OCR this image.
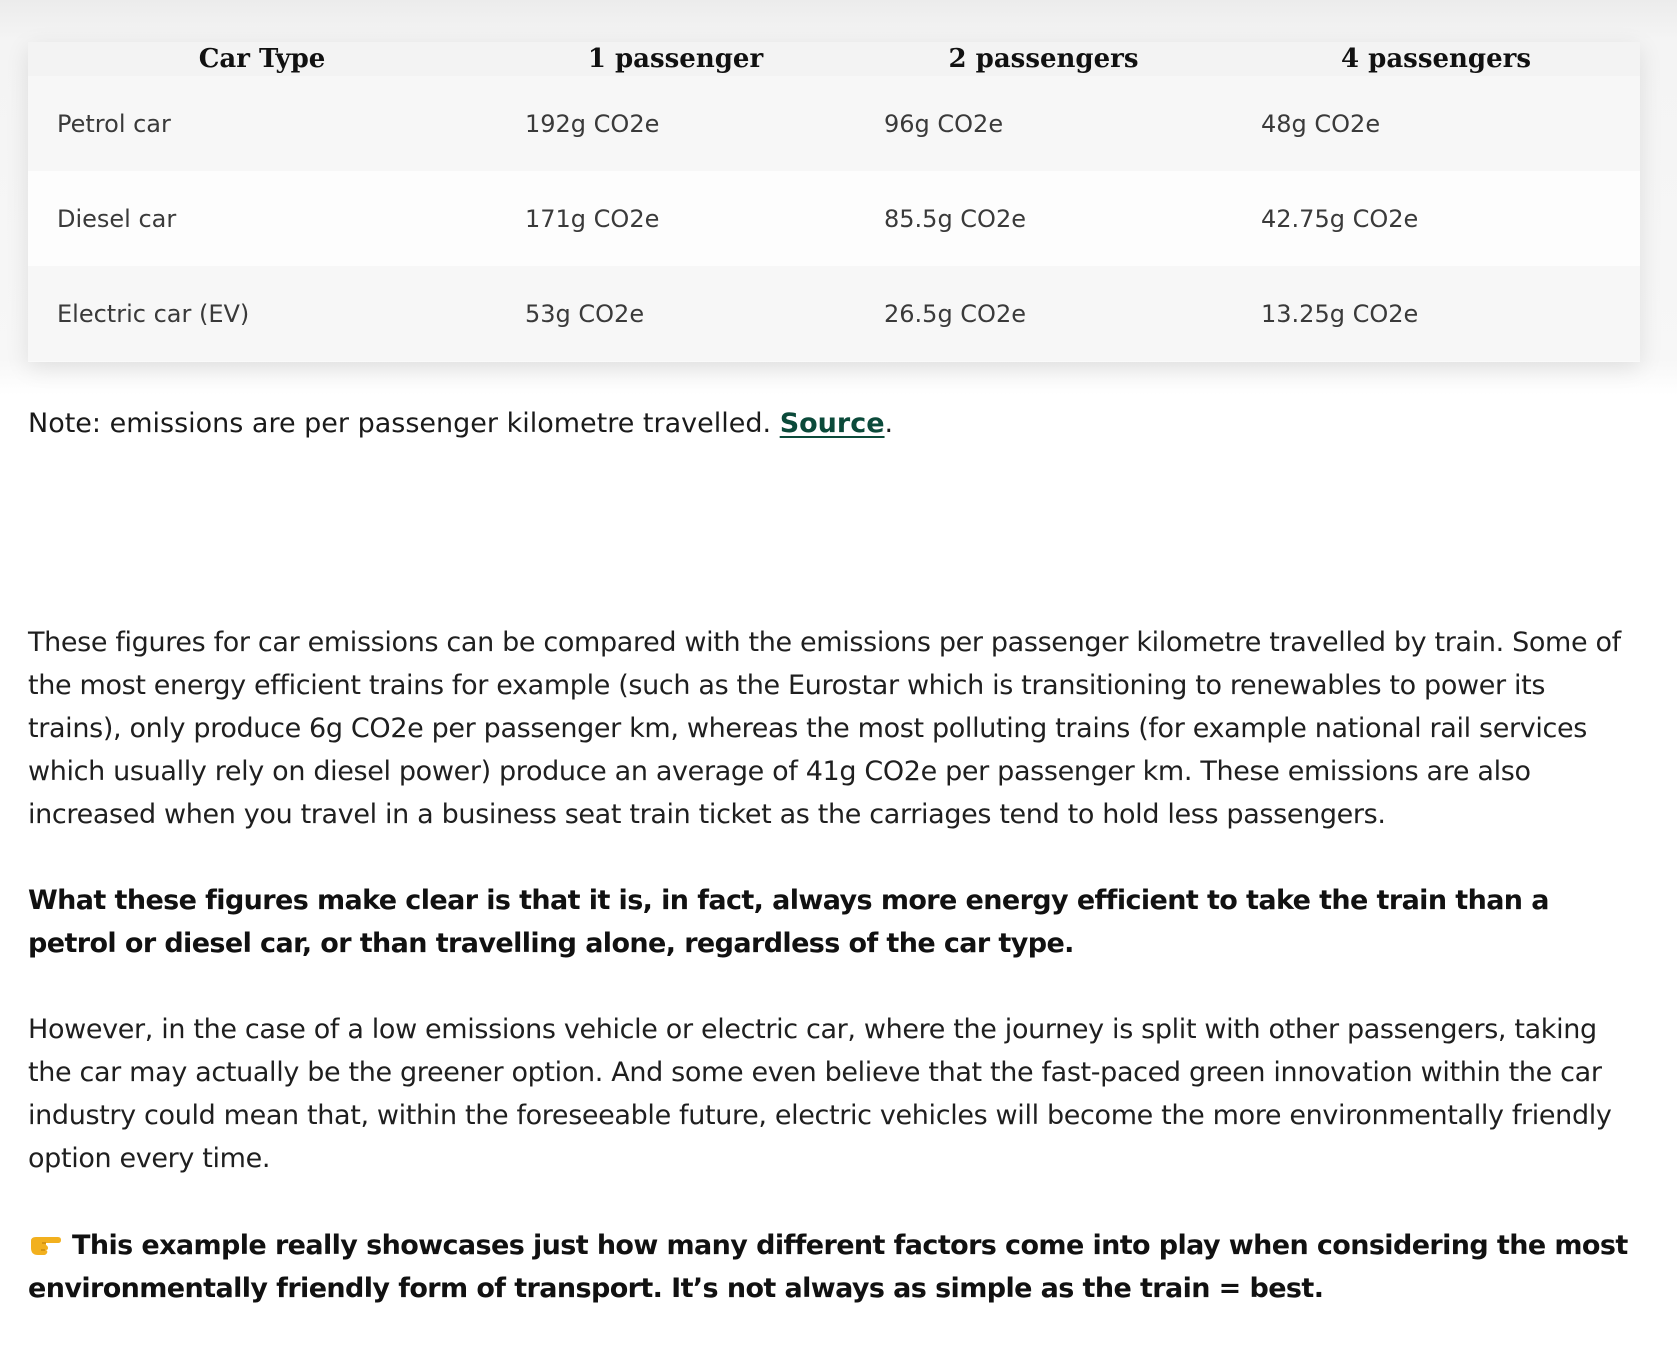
Car Type	1 passenger	2 passengers	4 passengers
Petrol car	192g CO2e	96g CO2e	48g CO2e
Diesel car	171g CO2e	85.5g CO2e	42.75g CO2e
Electric car (EV)	53g CO2e	26.5g CO2e	13.25g CO2e

Note: emissions are per passenger kilometre travelled. Source.

These figures for car emissions can be compared with the emissions per passenger kilometre travelled by train. Some of the most energy efficient trains for example (such as the Eurostar which is transitioning to renewables to power its trains), only produce 6g CO2e per passenger km, whereas the most polluting trains (for example national rail services which usually rely on diesel power) produce an average of 41g CO2e per passenger km. These emissions are also increased when you travel in a business seat train ticket as the carriages tend to hold less passengers.

What these figures make clear is that it is, in fact, always more energy efficient to take the train than a petrol or diesel car, or than travelling alone, regardless of the car type.

However, in the case of a low emissions vehicle or electric car, where the journey is split with other passengers, taking the car may actually be the greener option. And some even believe that the fast-paced green innovation within the car industry could mean that, within the foreseeable future, electric vehicles will become the more environmentally friendly option every time.

This example really showcases just how many different factors come into play when considering the most environmentally friendly form of transport. It’s not always as simple as the train = best.
